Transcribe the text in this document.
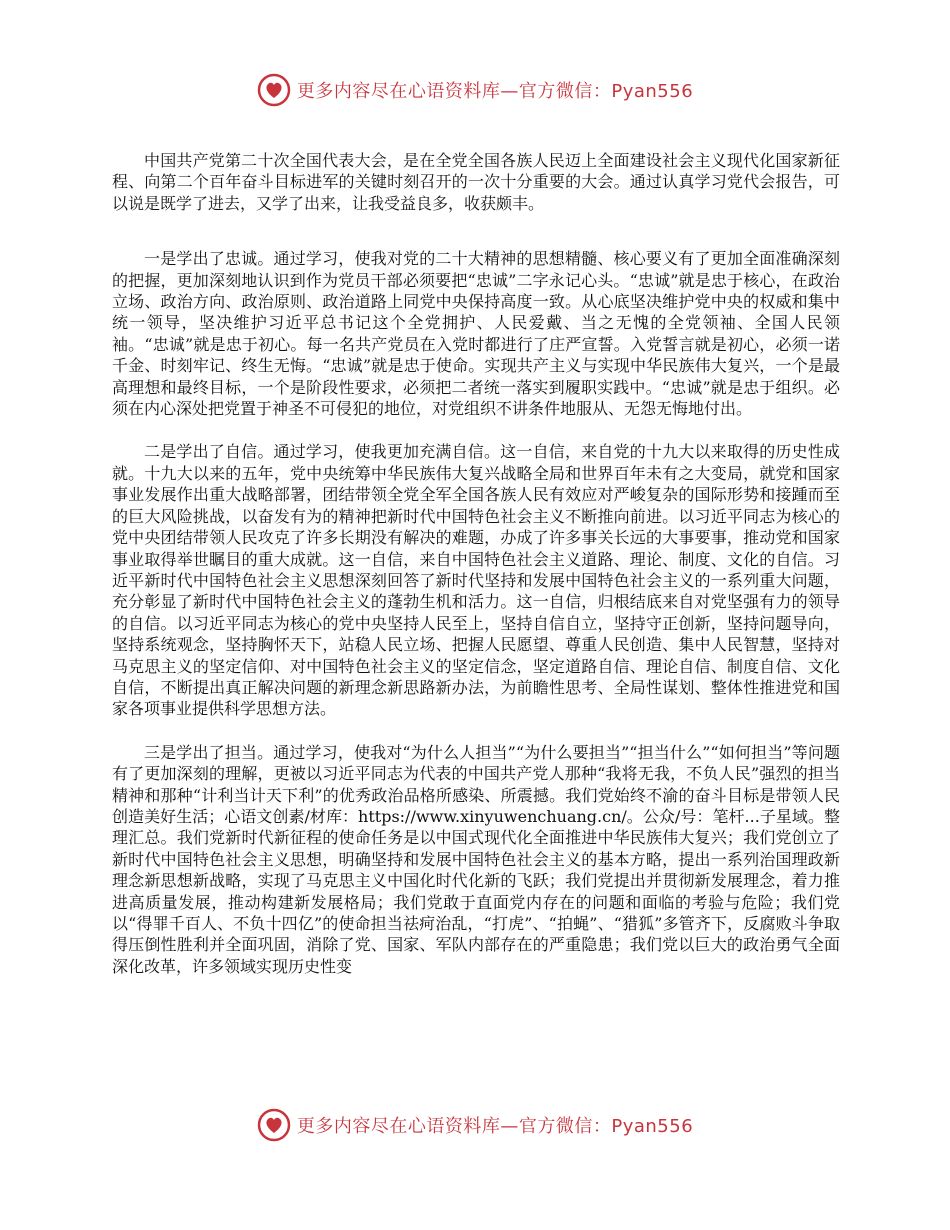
更多内容尽在心语资料库—官方微信：Pyan556

中国共产党第二十次全国代表大会，是在全党全国各族人民迈上全面建设社会主义现代化国家新征程、向第二个百年奋斗目标进军的关键时刻召开的一次十分重要的大会。通过认真学习党代会报告，可以说是既学了进去，又学了出来，让我受益良多，收获颇丰。

一是学出了忠诚。通过学习，使我对党的二十大精神的思想精髓、核心要义有了更加全面准确深刻的把握，更加深刻地认识到作为党员干部必须要把“忠诚”二字永记心头。“忠诚”就是忠于核心，在政治立场、政治方向、政治原则、政治道路上同党中央保持高度一致。从心底坚决维护党中央的权威和集中统一领导，坚决维护习近平总书记这个全党拥护、人民爱戴、当之无愧的全党领袖、全国人民领袖。“忠诚”就是忠于初心。每一名共产党员在入党时都进行了庄严宣誓。入党誓言就是初心，必须一诺千金、时刻牢记、终生无悔。“忠诚”就是忠于使命。实现共产主义与实现中华民族伟大复兴，一个是最高理想和最终目标，一个是阶段性要求，必须把二者统一落实到履职实践中。“忠诚”就是忠于组织。必须在内心深处把党置于神圣不可侵犯的地位，对党组织不讲条件地服从、无怨无悔地付出。

二是学出了自信。通过学习，使我更加充满自信。这一自信，来自党的十九大以来取得的历史性成就。十九大以来的五年，党中央统筹中华民族伟大复兴战略全局和世界百年未有之大变局，就党和国家事业发展作出重大战略部署，团结带领全党全军全国各族人民有效应对严峻复杂的国际形势和接踵而至的巨大风险挑战，以奋发有为的精神把新时代中国特色社会主义不断推向前进。以习近平同志为核心的党中央团结带领人民攻克了许多长期没有解决的难题，办成了许多事关长远的大事要事，推动党和国家事业取得举世瞩目的重大成就。这一自信，来自中国特色社会主义道路、理论、制度、文化的自信。习近平新时代中国特色社会主义思想深刻回答了新时代坚持和发展中国特色社会主义的一系列重大问题，充分彰显了新时代中国特色社会主义的蓬勃生机和活力。这一自信，归根结底来自对党坚强有力的领导的自信。以习近平同志为核心的党中央坚持人民至上，坚持自信自立，坚持守正创新，坚持问题导向，坚持系统观念，坚持胸怀天下，站稳人民立场、把握人民愿望、尊重人民创造、集中人民智慧，坚持对马克思主义的坚定信仰、对中国特色社会主义的坚定信念，坚定道路自信、理论自信、制度自信、文化自信，不断提出真正解决问题的新理念新思路新办法，为前瞻性思考、全局性谋划、整体性推进党和国家各项事业提供科学思想方法。

三是学出了担当。通过学习，使我对“为什么人担当”“为什么要担当”“担当什么”“如何担当”等问题有了更加深刻的理解，更被以习近平同志为代表的中国共产党人那种“我将无我，不负人民”强烈的担当精神和那种“计利当计天下利”的优秀政治品格所感染、所震撼。我们党始终不渝的奋斗目标是带领人民创造美好生活；心语文创素/材库：https://www.xinyuwenchuang.cn/。公众/号：笔杆...子星域。整理汇总。我们党新时代新征程的使命任务是以中国式现代化全面推进中华民族伟大复兴；我们党创立了新时代中国特色社会主义思想，明确坚持和发展中国特色社会主义的基本方略，提出一系列治国理政新理念新思想新战略，实现了马克思主义中国化时代化新的飞跃；我们党提出并贯彻新发展理念，着力推进高质量发展，推动构建新发展格局；我们党敢于直面党内存在的问题和面临的考验与危险；我们党以“得罪千百人、不负十四亿”的使命担当祛疴治乱，“打虎”、“拍蝇”、“猎狐”多管齐下，反腐败斗争取得压倒性胜利并全面巩固，消除了党、国家、军队内部存在的严重隐患；我们党以巨大的政治勇气全面深化改革，许多领域实现历史性变

更多内容尽在心语资料库—官方微信：Pyan556
